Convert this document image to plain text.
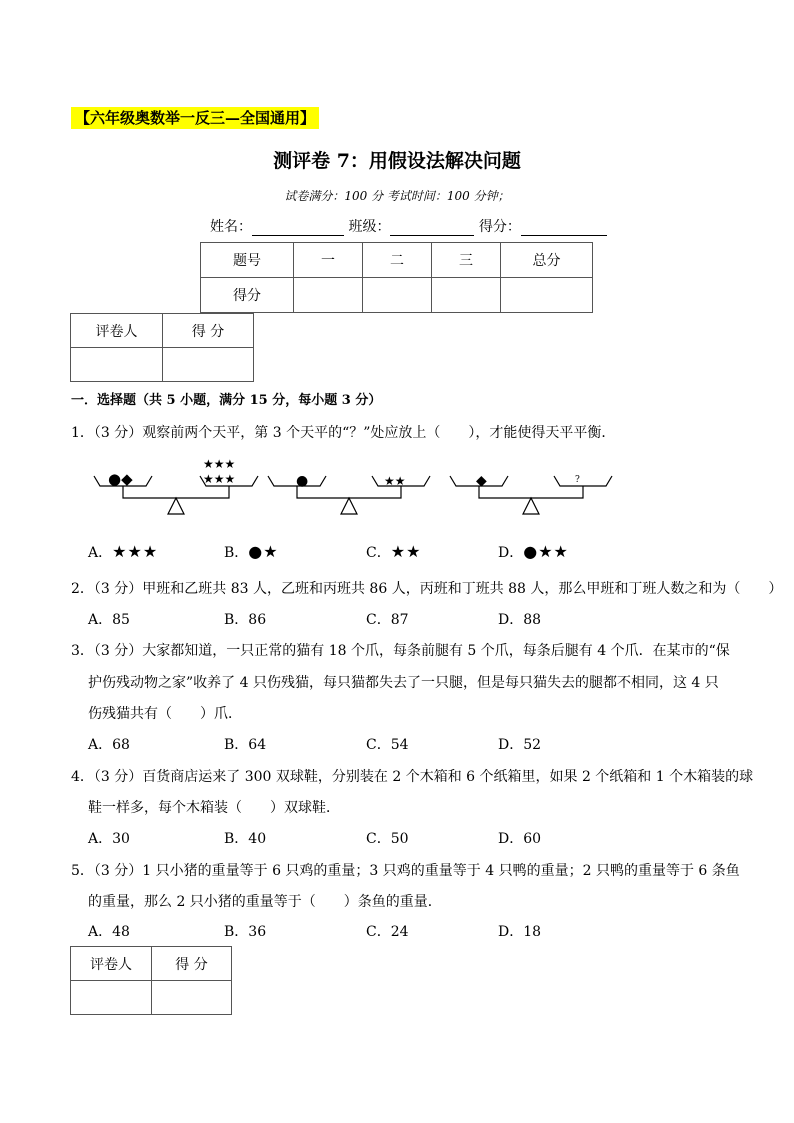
【六年级奥数举一反三—全国通用】
测评卷 7：用假设法解决问题
试卷满分：100 分 考试时间：100 分钟；
姓名：	班级：	得分：
题号	一	二	三	总分
得分				
评卷人	得 分

一．选择题（共 5 小题，满分 15 分，每小题 3 分）
1．（3 分）观察前两个天平，第 3 个天平的“？”处应放上（　　），才能使得天平平衡．
●◆
★★★
★★★	●	★★	◆	?
A．★★★	B．●★	C．★★	D．●★★
2．（3 分）甲班和乙班共 83 人，乙班和丙班共 86 人，丙班和丁班共 88 人，那么甲班和丁班人数之和为（　　）
A．85	B．86	C．87	D．88
3．（3 分）大家都知道，一只正常的猫有 18 个爪，每条前腿有 5 个爪，每条后腿有 4 个爪．在某市的“保
护伤残动物之家”收养了 4 只伤残猫，每只猫都失去了一只腿，但是每只猫失去的腿都不相同，这 4 只
伤残猫共有（　　）爪．
A．68	B．64	C．54	D．52
4．（3 分）百货商店运来了 300 双球鞋，分别装在 2 个木箱和 6 个纸箱里，如果 2 个纸箱和 1 个木箱装的球
鞋一样多，每个木箱装（　　）双球鞋．
A．30	B．40	C．50	D．60
5．（3 分）1 只小猪的重量等于 6 只鸡的重量；3 只鸡的重量等于 4 只鸭的重量；2 只鸭的重量等于 6 条鱼
的重量，那么 2 只小猪的重量等于（　　）条鱼的重量．
A．48	B．36	C．24	D．18
评卷人	得 分
